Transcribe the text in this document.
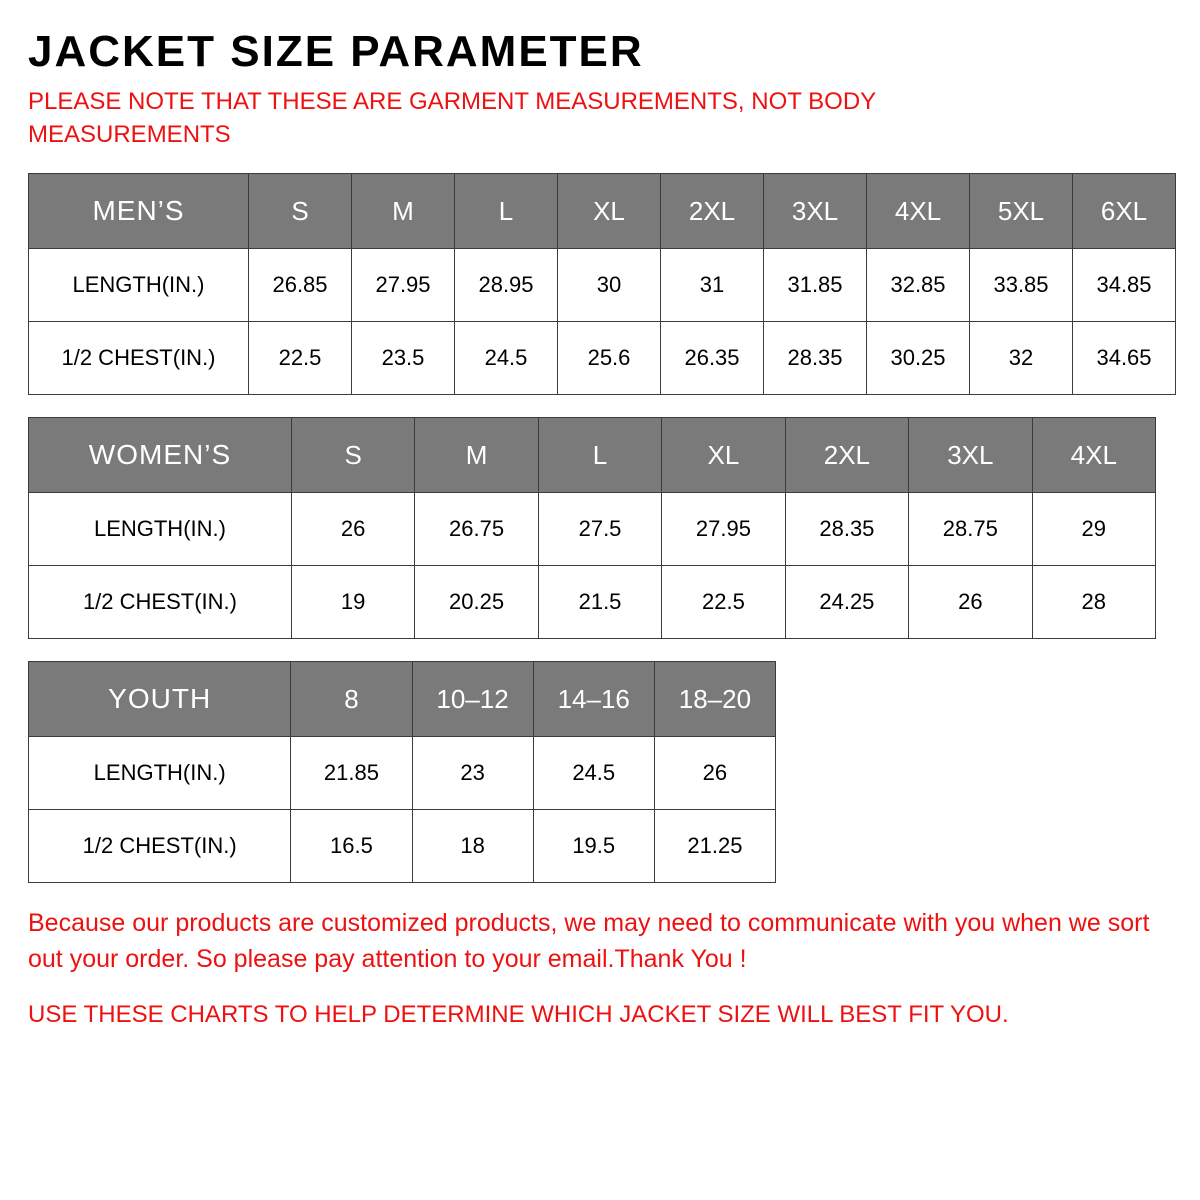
JACKET SIZE PARAMETER

PLEASE NOTE THAT THESE ARE GARMENT MEASUREMENTS, NOT BODY MEASUREMENTS

MEN’S	S	M	L	XL	2XL	3XL	4XL	5XL	6XL
LENGTH(IN.)	26.85	27.95	28.95	30	31	31.85	32.85	33.85	34.85
1/2 CHEST(IN.)	22.5	23.5	24.5	25.6	26.35	28.35	30.25	32	34.65
WOMEN’S	S	M	L	XL	2XL	3XL	4XL
LENGTH(IN.)	26	26.75	27.5	27.95	28.35	28.75	29
1/2 CHEST(IN.)	19	20.25	21.5	22.5	24.25	26	28
YOUTH	8	10–12	14–16	18–20
LENGTH(IN.)	21.85	23	24.5	26
1/2 CHEST(IN.)	16.5	18	19.5	21.25
Because our products are customized products, we may need to communicate with you when we sort out your order. So please pay attention to your email.Thank You !
USE THESE CHARTS TO HELP DETERMINE WHICH JACKET SIZE WILL BEST FIT YOU.
